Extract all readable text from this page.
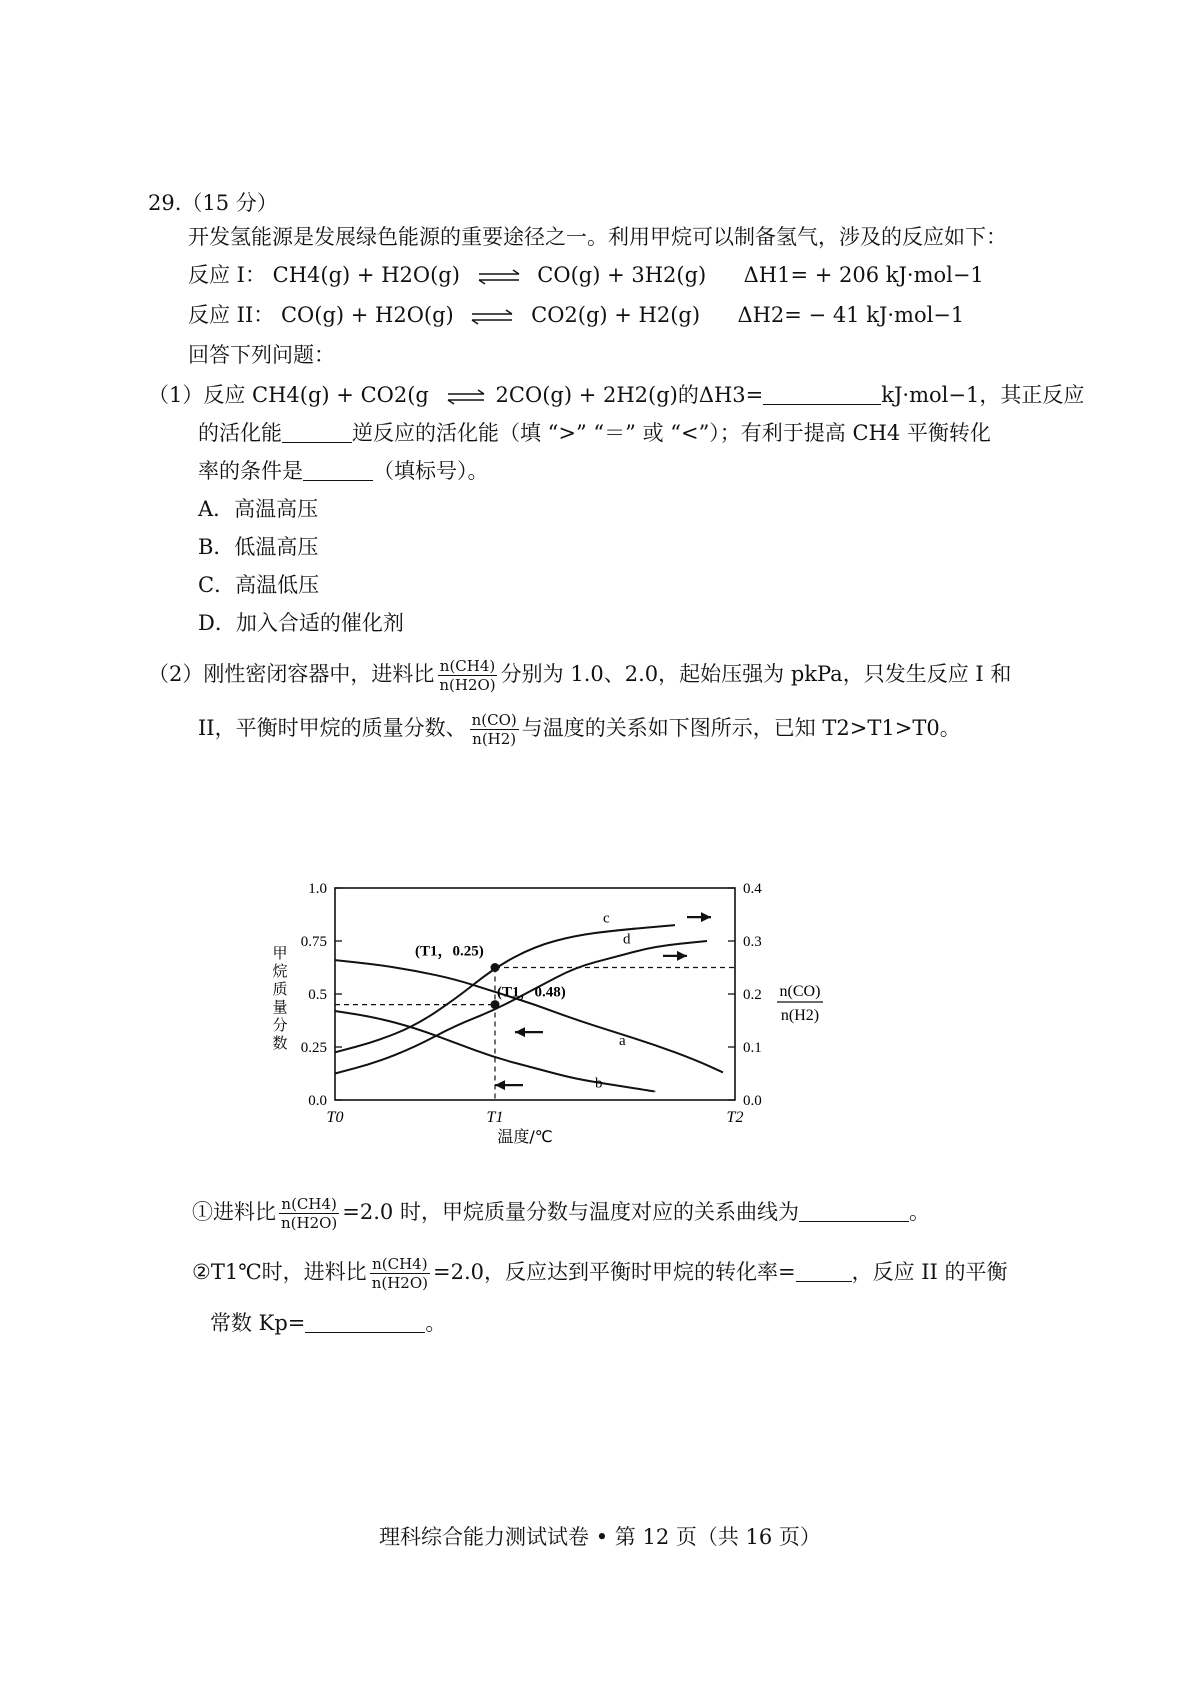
29.（15 分）
开发氢能源是发展绿色能源的重要途径之一。利用甲烷可以制备氢气，涉及的反应如下：
反应 I： CH4(g) + H2O(g) ⇌ CO(g) + 3H2(g) ΔH1= + 206 kJ·mol−1
反应 II： CO(g) + H2O(g) ⇌ CO2(g) + H2(g) ΔH2= − 41 kJ·mol−1
回答下列问题：
（1）反应 CH4(g) + CO2(g ⇌ 2CO(g) + 2H2(g)的ΔH3=	kJ·mol−1，其正反应
的活化能	逆反应的活化能（填 “>” “＝” 或 “<”）；有利于提高 CH4 平衡转化
率的条件是	（填标号）。
A．高温高压
B．低温高压
C．高温低压
D．加入合适的催化剂
（2）刚性密闭容器中，进料比 $\frac{n(CH4)}{n(H2O)}$ 分别为 1.0、2.0，起始压强为 pkPa，只发生反应 I 和
II，平衡时甲烷的质量分数、 $\frac{n(CO)}{n(H2)}$ 与温度的关系如下图所示，已知 T2>T1>T0。
0.0
0.25
0.5
0.75
1.0
0.0
0.1
0.2
0.3
0.4
T0	T1	T2
温度/℃
甲
烷
质
量
分
数
n(CO)
n(H2)
a
b
c
d
(T1，0.25)
(T1，0.48)
①进料比 $\frac{n(CH4)}{n(H2O)} =2.0$ 时，甲烷质量分数与温度对应的关系曲线为	。
②T1℃时，进料比 $\frac{n(CH4)}{n(H2O)} =2.0$，反应达到平衡时甲烷的转化率=	，反应 II 的平衡
常数 Kp=	。
理科综合能力测试试卷 • 第 12 页（共 16 页）
